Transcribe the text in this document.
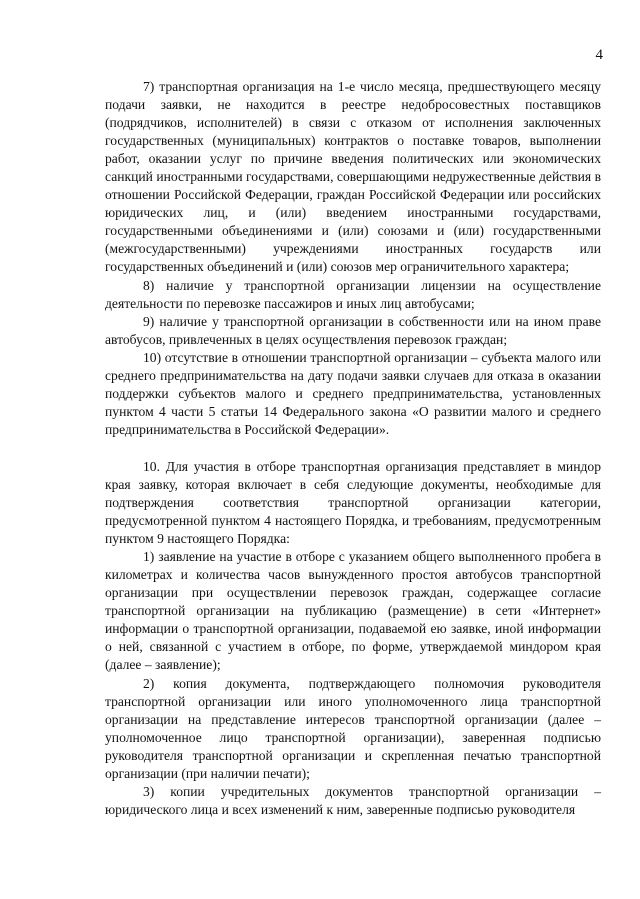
4

7) транспортная организация на 1-е число месяца, предшествующего месяцу подачи заявки, не находится в реестре недобросовестных поставщиков (подрядчиков, исполнителей) в связи с отказом от исполнения заключенных государственных (муниципальных) контрактов о поставке товаров, выполнении работ, оказании услуг по причине введения политических или экономических санкций иностранными государствами, совершающими недружественные действия в отношении Российской Федерации, граждан Российской Федерации или российских юридических лиц, и (или) введением иностранными государствами, государственными объединениями и (или) союзами и (или) государственными (межгосударственными) учреждениями иностранных государств или государственных объединений и (или) союзов мер ограничительного характера;

8) наличие у транспортной организации лицензии на осуществление деятельности по перевозке пассажиров и иных лиц автобусами;

9) наличие у транспортной организации в собственности или на ином праве автобусов, привлеченных в целях осуществления перевозок граждан;

10) отсутствие в отношении транспортной организации – субъекта малого или среднего предпринимательства на дату подачи заявки случаев для отказа в оказании поддержки субъектов малого и среднего предпринимательства, установленных пунктом 4 части 5 статьи 14 Федерального закона «О развитии малого и среднего предпринимательства в Российской Федерации».

10. Для участия в отборе транспортная организация представляет в миндор края заявку, которая включает в себя следующие документы, необходимые для подтверждения соответствия транспортной организации категории, предусмотренной пунктом 4 настоящего Порядка, и требованиям, предусмотренным пунктом 9 настоящего Порядка:

1) заявление на участие в отборе с указанием общего выполненного пробега в километрах и количества часов вынужденного простоя автобусов транспортной организации при осуществлении перевозок граждан, содержащее согласие транспортной организации на публикацию (размещение) в сети «Интернет» информации о транспортной организации, подаваемой ею заявке, иной информации о ней, связанной с участием в отборе, по форме, утверждаемой миндором края (далее – заявление);

2) копия документа, подтверждающего полномочия руководителя транспортной организации или иного уполномоченного лица транспортной организации на представление интересов транспортной организации (далее – уполномоченное лицо транспортной организации), заверенная подписью руководителя транспортной организации и скрепленная печатью транспортной организации (при наличии печати);

3) копии учредительных документов транспортной организации – юридического лица и всех изменений к ним, заверенные подписью руководителя
